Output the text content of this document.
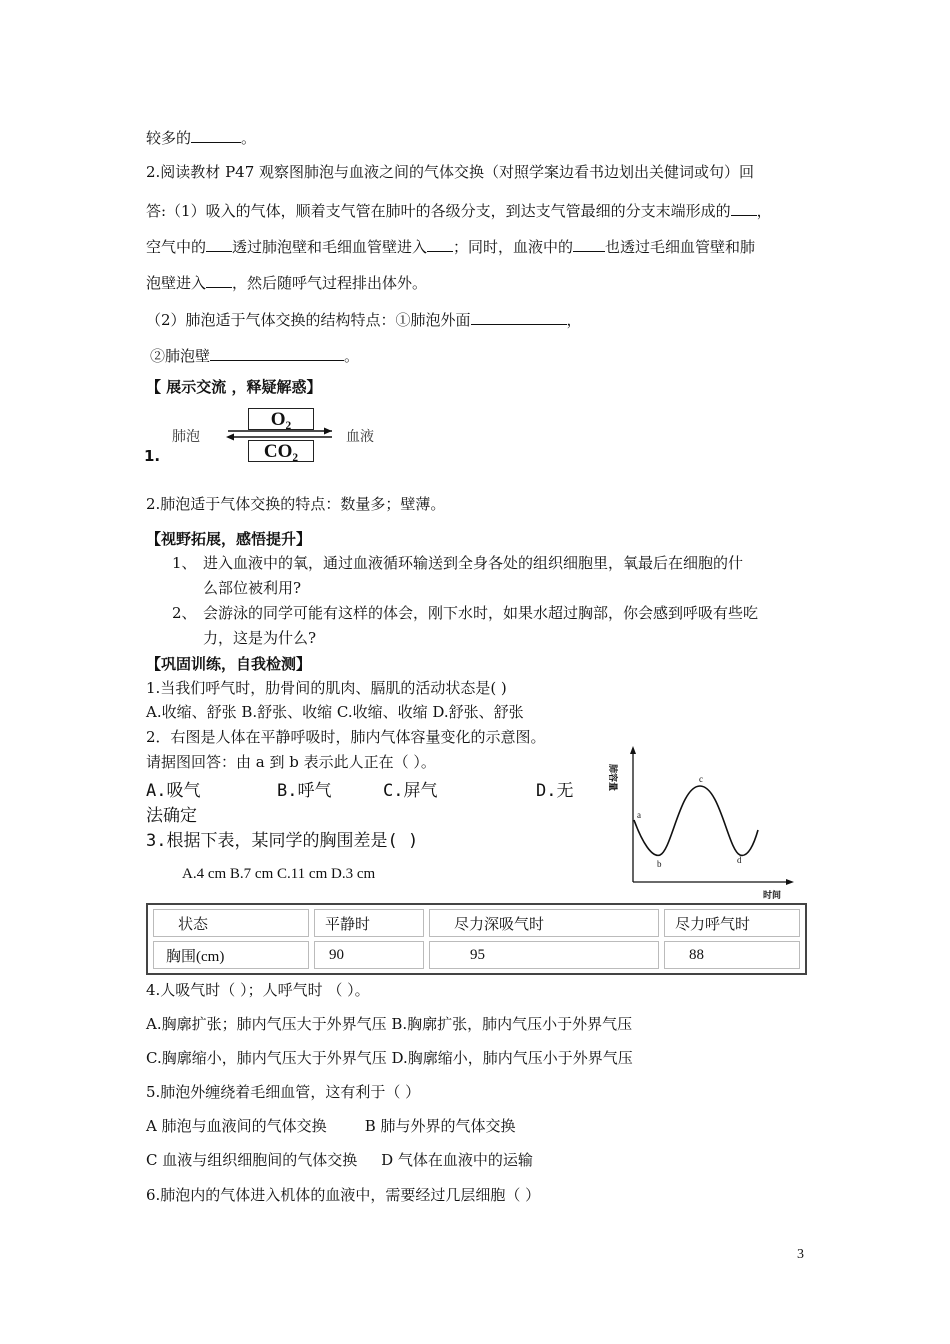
较多的	。
2.阅读教材 P47 观察图肺泡与血液之间的气体交换（对照学案边看书边划出关健词或句）回
答:（1）吸入的气体，顺着支气管在肺叶的各级分支，到达支气管最细的分支末端形成的 ，
空气中的 透过肺泡壁和毛细血管壁进入 ；同时，血液中的 也透过毛细血管壁和肺
泡壁进入 ，然后随呼气过程排出体外。
（2）肺泡适于气体交换的结构特点：①肺泡外面	，
②肺泡壁	。
【 展示交流 ，释疑解惑】
肺泡	血液
O₂
CO₂
1.
2.肺泡适于气体交换的特点：数量多；壁薄。
【视野拓展，感悟提升】
1、 进入血液中的氧，通过血液循环输送到全身各处的组织细胞里，氧最后在细胞的什
么部位被利用?
2、 会游泳的同学可能有这样的体会，刚下水时，如果水超过胸部，你会感到呼吸有些吃
力，这是为什么?
【巩固训练，自我检测】
1.当我们呼气时，肋骨间的肌肉、膈肌的活动状态是( )
A.收缩、舒张 B.舒张、收缩 C.收缩、收缩 D.舒张、舒张
2．右图是人体在平静呼吸时，肺内气体容量变化的示意图。
请据图回答：由 a 到 b 表示此人正在（ ）。
A.吸气	B.呼气	C.屏气	D.无
法确定
3.根据下表，某同学的胸围差是( )
A.4 cm B.7 cm C.11 cm D.3 cm
肺容量
时间
a
b
c
d
状态	平静时	尽力深吸气时	尽力呼气时
胸围(cm)	90	95	88
4.人吸气时（ ）；人呼气时 （ ）。
A.胸廓扩张；肺内气压大于外界气压 B.胸廓扩张，肺内气压小于外界气压
C.胸廓缩小，肺内气压大于外界气压 D.胸廓缩小，肺内气压小于外界气压
5.肺泡外缠绕着毛细血管，这有利于（ ）
A 肺泡与血液间的气体交换        B 肺与外界的气体交换
C 血液与组织细胞间的气体交换     D 气体在血液中的运输
6.肺泡内的气体进入机体的血液中，需要经过几层细胞（ ）
3
